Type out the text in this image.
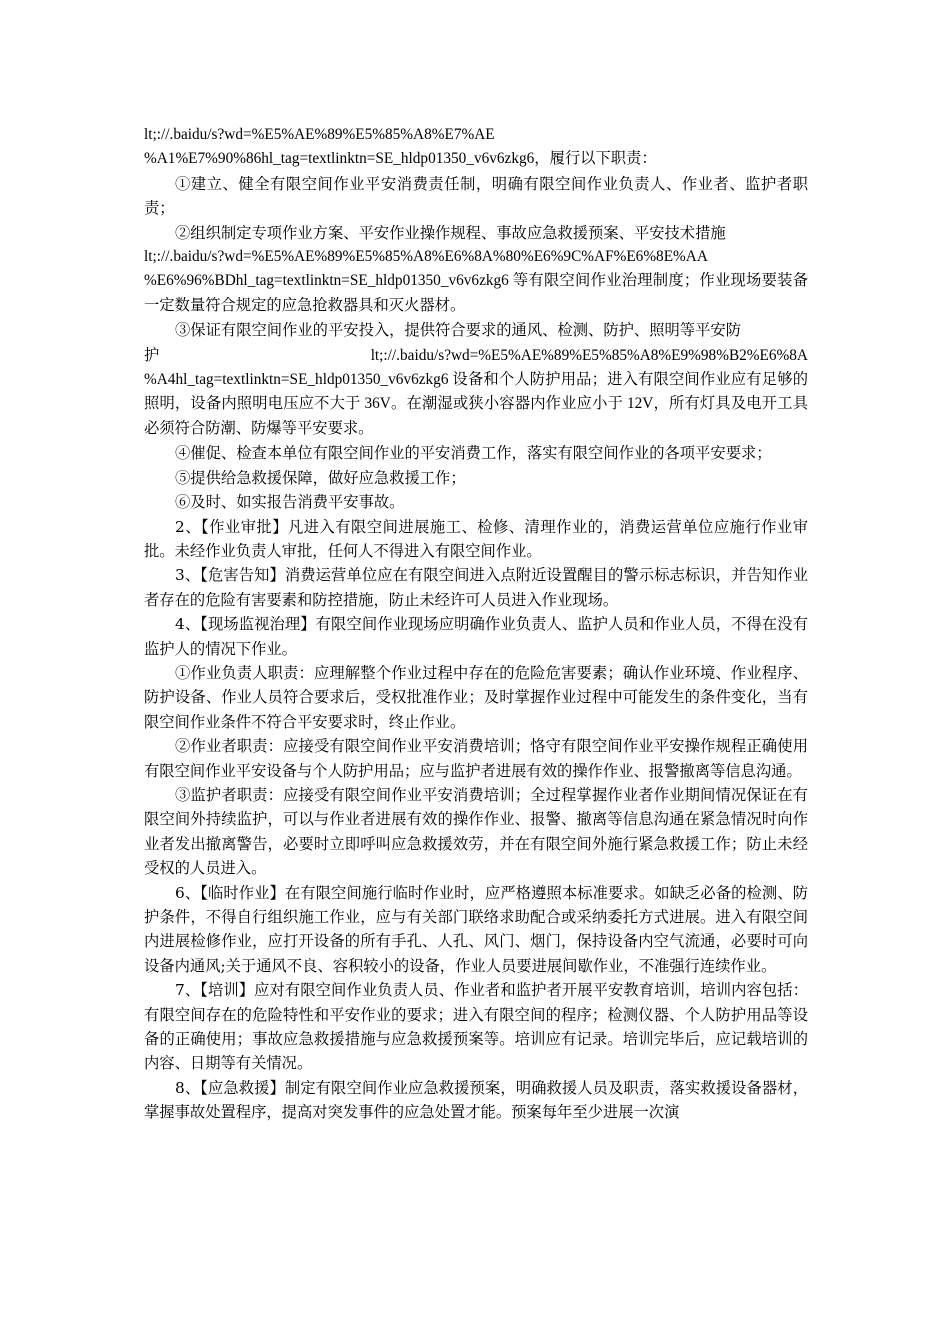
lt;://.baidu/s?wd=%E5%AE%89%E5%85%A8%E7%AE

%A1%E7%90%86hl_tag=textlinktn=SE_hldp01350_v6v6zkg6，履行以下职责：

①建立、健全有限空间作业平安消费责任制，明确有限空间作业负责人、作业者、监护者职责；

②组织制定专项作业方案、平安作业操作规程、事故应急救援预案、平安技术措施

lt;://.baidu/s?wd=%E5%AE%89%E5%85%A8%E6%8A%80%E6%9C%AF%E6%8E%AA

%E6%96%BDhl_tag=textlinktn=SE_hldp01350_v6v6zkg6 等有限空间作业治理制度；作业现场要装备一定数量符合规定的应急抢救器具和灭火器材。

③保证有限空间作业的平安投入，提供符合要求的通风、检测、防护、照明等平安防

护	lt;://.baidu/s?wd=%E5%AE%89%E5%85%A8%E9%98%B2%E6%8A

%A4hl_tag=textlinktn=SE_hldp01350_v6v6zkg6 设备和个人防护用品；进入有限空间作业应有足够的照明，设备内照明电压应不大于 36V。在潮湿或狭小容器内作业应小于 12V，所有灯具及电开工具必须符合防潮、防爆等平安要求。

④催促、检查本单位有限空间作业的平安消费工作，落实有限空间作业的各项平安要求；

⑤提供给急救援保障，做好应急救援工作；

⑥及时、如实报告消费平安事故。

2、【作业审批】凡进入有限空间进展施工、检修、清理作业的，消费运营单位应施行作业审批。未经作业负责人审批，任何人不得进入有限空间作业。

3、【危害告知】消费运营单位应在有限空间进入点附近设置醒目的警示标志标识，并告知作业者存在的危险有害要素和防控措施，防止未经许可人员进入作业现场。

4、【现场监视治理】有限空间作业现场应明确作业负责人、监护人员和作业人员，不得在没有监护人的情况下作业。

①作业负责人职责：应理解整个作业过程中存在的危险危害要素；确认作业环境、作业程序、防护设备、作业人员符合要求后，受权批准作业；及时掌握作业过程中可能发生的条件变化，当有限空间作业条件不符合平安要求时，终止作业。

②作业者职责：应接受有限空间作业平安消费培训；恪守有限空间作业平安操作规程正确使用有限空间作业平安设备与个人防护用品；应与监护者进展有效的操作作业、报警撤离等信息沟通。

③监护者职责：应接受有限空间作业平安消费培训；全过程掌握作业者作业期间情况保证在有限空间外持续监护，可以与作业者进展有效的操作作业、报警、撤离等信息沟通在紧急情况时向作业者发出撤离警告，必要时立即呼叫应急救援效劳，并在有限空间外施行紧急救援工作；防止未经受权的人员进入。

6、【临时作业】在有限空间施行临时作业时，应严格遵照本标准要求。如缺乏必备的检测、防护条件，不得自行组织施工作业，应与有关部门联络求助配合或采纳委托方式进展。进入有限空间内进展检修作业，应打开设备的所有手孔、人孔、风门、烟门，保持设备内空气流通，必要时可向设备内通风;关于通风不良、容积较小的设备，作业人员要进展间歇作业，不准强行连续作业。

7、【培训】应对有限空间作业负责人员、作业者和监护者开展平安教育培训，培训内容包括：有限空间存在的危险特性和平安作业的要求；进入有限空间的程序；检测仪器、个人防护用品等设备的正确使用；事故应急救援措施与应急救援预案等。培训应有记录。培训完毕后，应记载培训的内容、日期等有关情况。

8、【应急救援】制定有限空间作业应急救援预案，明确救援人员及职责，落实救援设备器材，掌握事故处置程序，提高对突发事件的应急处置才能。预案每年至少进展一次演
